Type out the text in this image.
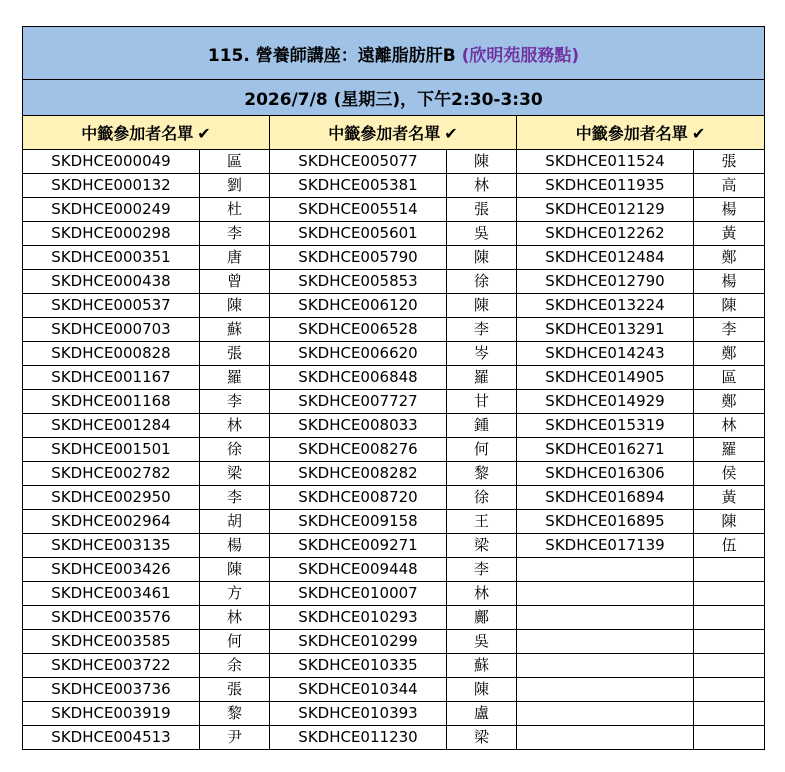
115. 營養師講座：遠離脂肪肝B (欣明苑服務點)					
2026/7/8 (星期三)，下午2:30-3:30					
中籤參加者名單 ✔		中籤參加者名單 ✔		中籤參加者名單 ✔	
SKDHCE000049	區	SKDHCE005077	陳	SKDHCE011524	張
SKDHCE000132	劉	SKDHCE005381	林	SKDHCE011935	高
SKDHCE000249	杜	SKDHCE005514	張	SKDHCE012129	楊
SKDHCE000298	李	SKDHCE005601	吳	SKDHCE012262	黃
SKDHCE000351	唐	SKDHCE005790	陳	SKDHCE012484	鄭
SKDHCE000438	曾	SKDHCE005853	徐	SKDHCE012790	楊
SKDHCE000537	陳	SKDHCE006120	陳	SKDHCE013224	陳
SKDHCE000703	蘇	SKDHCE006528	李	SKDHCE013291	李
SKDHCE000828	張	SKDHCE006620	岑	SKDHCE014243	鄭
SKDHCE001167	羅	SKDHCE006848	羅	SKDHCE014905	區
SKDHCE001168	李	SKDHCE007727	甘	SKDHCE014929	鄭
SKDHCE001284	林	SKDHCE008033	鍾	SKDHCE015319	林
SKDHCE001501	徐	SKDHCE008276	何	SKDHCE016271	羅
SKDHCE002782	梁	SKDHCE008282	黎	SKDHCE016306	侯
SKDHCE002950	李	SKDHCE008720	徐	SKDHCE016894	黃
SKDHCE002964	胡	SKDHCE009158	王	SKDHCE016895	陳
SKDHCE003135	楊	SKDHCE009271	梁	SKDHCE017139	伍
SKDHCE003426	陳	SKDHCE009448	李		
SKDHCE003461	方	SKDHCE010007	林		
SKDHCE003576	林	SKDHCE010293	鄺		
SKDHCE003585	何	SKDHCE010299	吳		
SKDHCE003722	余	SKDHCE010335	蘇		
SKDHCE003736	張	SKDHCE010344	陳		
SKDHCE003919	黎	SKDHCE010393	盧		
SKDHCE004513	尹	SKDHCE011230	梁		
